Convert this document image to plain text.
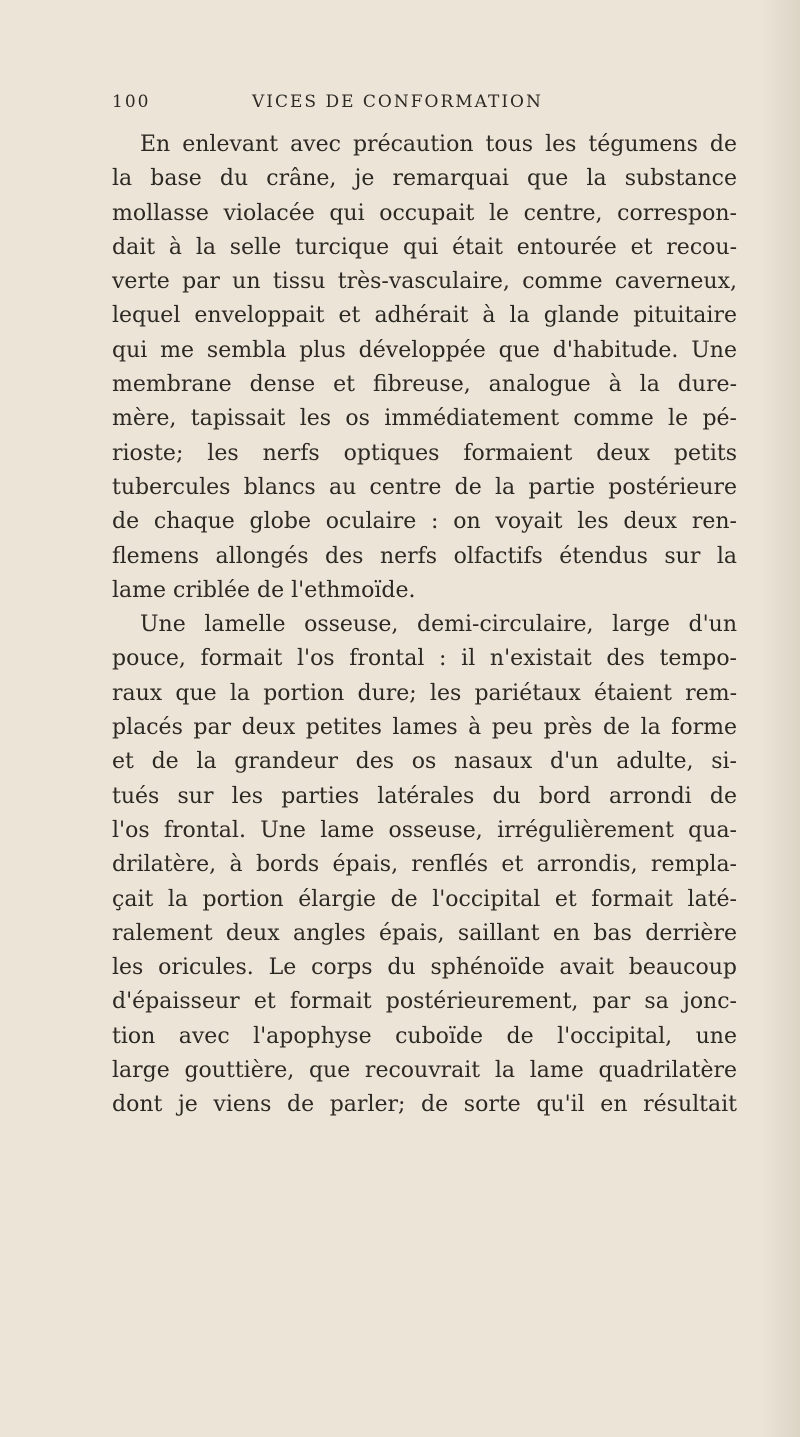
100	VICES DE CONFORMATION
En enlevant avec précaution tous les tégumens de
la base du crâne, je remarquai que la substance
mollasse violacée qui occupait le centre, correspon-
dait à la selle turcique qui était entourée et recou-
verte par un tissu très-vasculaire, comme caverneux,
lequel enveloppait et adhérait à la glande pituitaire
qui me sembla plus développée que d'habitude. Une
membrane dense et fibreuse, analogue à la dure-
mère, tapissait les os immédiatement comme le pé-
rioste; les nerfs optiques formaient deux petits
tubercules blancs au centre de la partie postérieure
de chaque globe oculaire : on voyait les deux ren-
flemens allongés des nerfs olfactifs étendus sur la
lame criblée de l'ethmoïde.
Une lamelle osseuse, demi-circulaire, large d'un
pouce, formait l'os frontal : il n'existait des tempo-
raux que la portion dure; les pariétaux étaient rem-
placés par deux petites lames à peu près de la forme
et de la grandeur des os nasaux d'un adulte, si-
tués sur les parties latérales du bord arrondi de
l'os frontal. Une lame osseuse, irrégulièrement qua-
drilatère, à bords épais, renflés et arrondis, rempla-
çait la portion élargie de l'occipital et formait laté-
ralement deux angles épais, saillant en bas derrière
les oricules. Le corps du sphénoïde avait beaucoup
d'épaisseur et formait postérieurement, par sa jonc-
tion avec l'apophyse cuboïde de l'occipital, une
large gouttière, que recouvrait la lame quadrilatère
dont je viens de parler; de sorte qu'il en résultait
